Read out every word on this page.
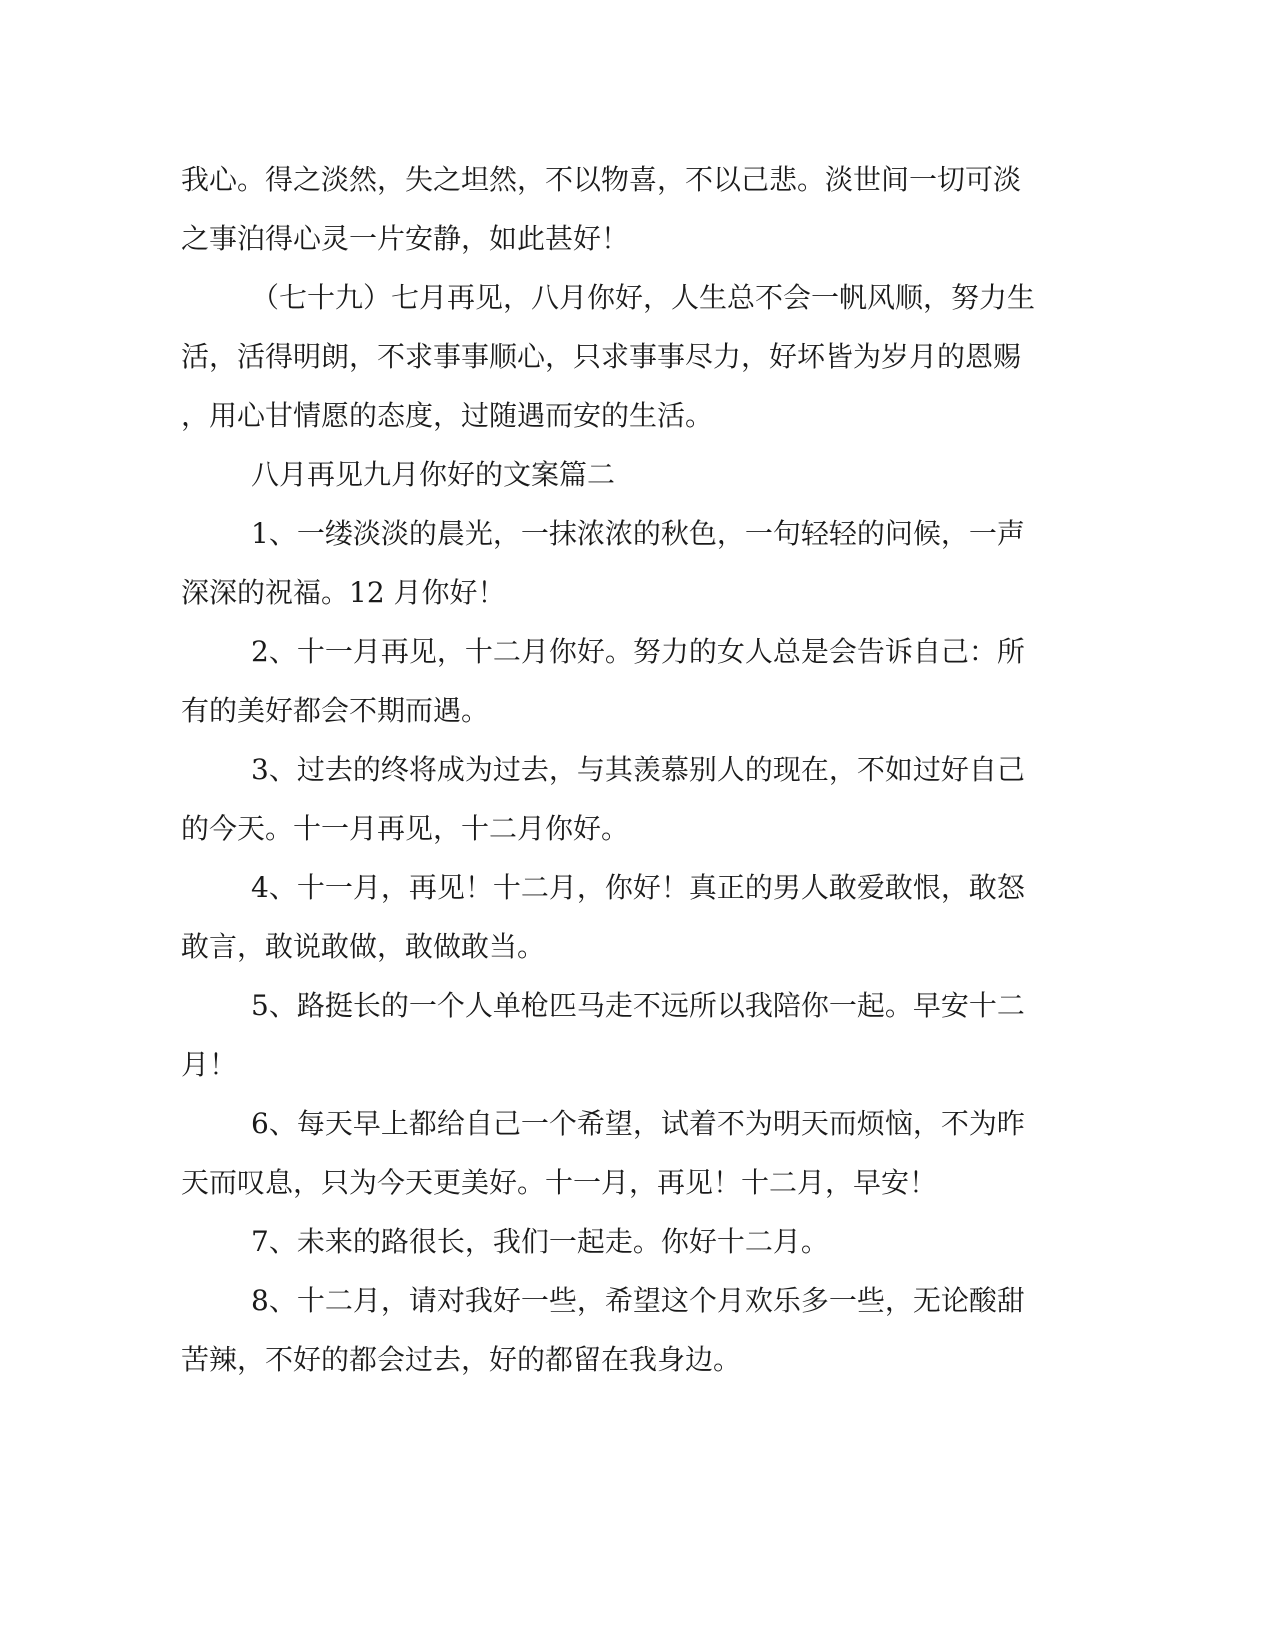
我心。得之淡然，失之坦然，不以物喜，不以己悲。淡世间一切可淡
之事泊得心灵一片安静，如此甚好！
（七十九）七月再见，八月你好，人生总不会一帆风顺，努力生
活，活得明朗，不求事事顺心，只求事事尽力，好坏皆为岁月的恩赐
，用心甘情愿的态度，过随遇而安的生活。
八月再见九月你好的文案篇二
1、一缕淡淡的晨光，一抹浓浓的秋色，一句轻轻的问候，一声
深深的祝福。12 月你好！
2、十一月再见，十二月你好。努力的女人总是会告诉自己：所
有的美好都会不期而遇。
3、过去的终将成为过去，与其羡慕别人的现在，不如过好自己
的今天。十一月再见，十二月你好。
4、十一月，再见！十二月，你好！真正的男人敢爱敢恨，敢怒
敢言，敢说敢做，敢做敢当。
5、路挺长的一个人单枪匹马走不远所以我陪你一起。早安十二
月！
6、每天早上都给自己一个希望，试着不为明天而烦恼，不为昨
天而叹息，只为今天更美好。十一月，再见！十二月，早安！
7、未来的路很长，我们一起走。你好十二月。
8、十二月，请对我好一些，希望这个月欢乐多一些，无论酸甜
苦辣，不好的都会过去，好的都留在我身边。
